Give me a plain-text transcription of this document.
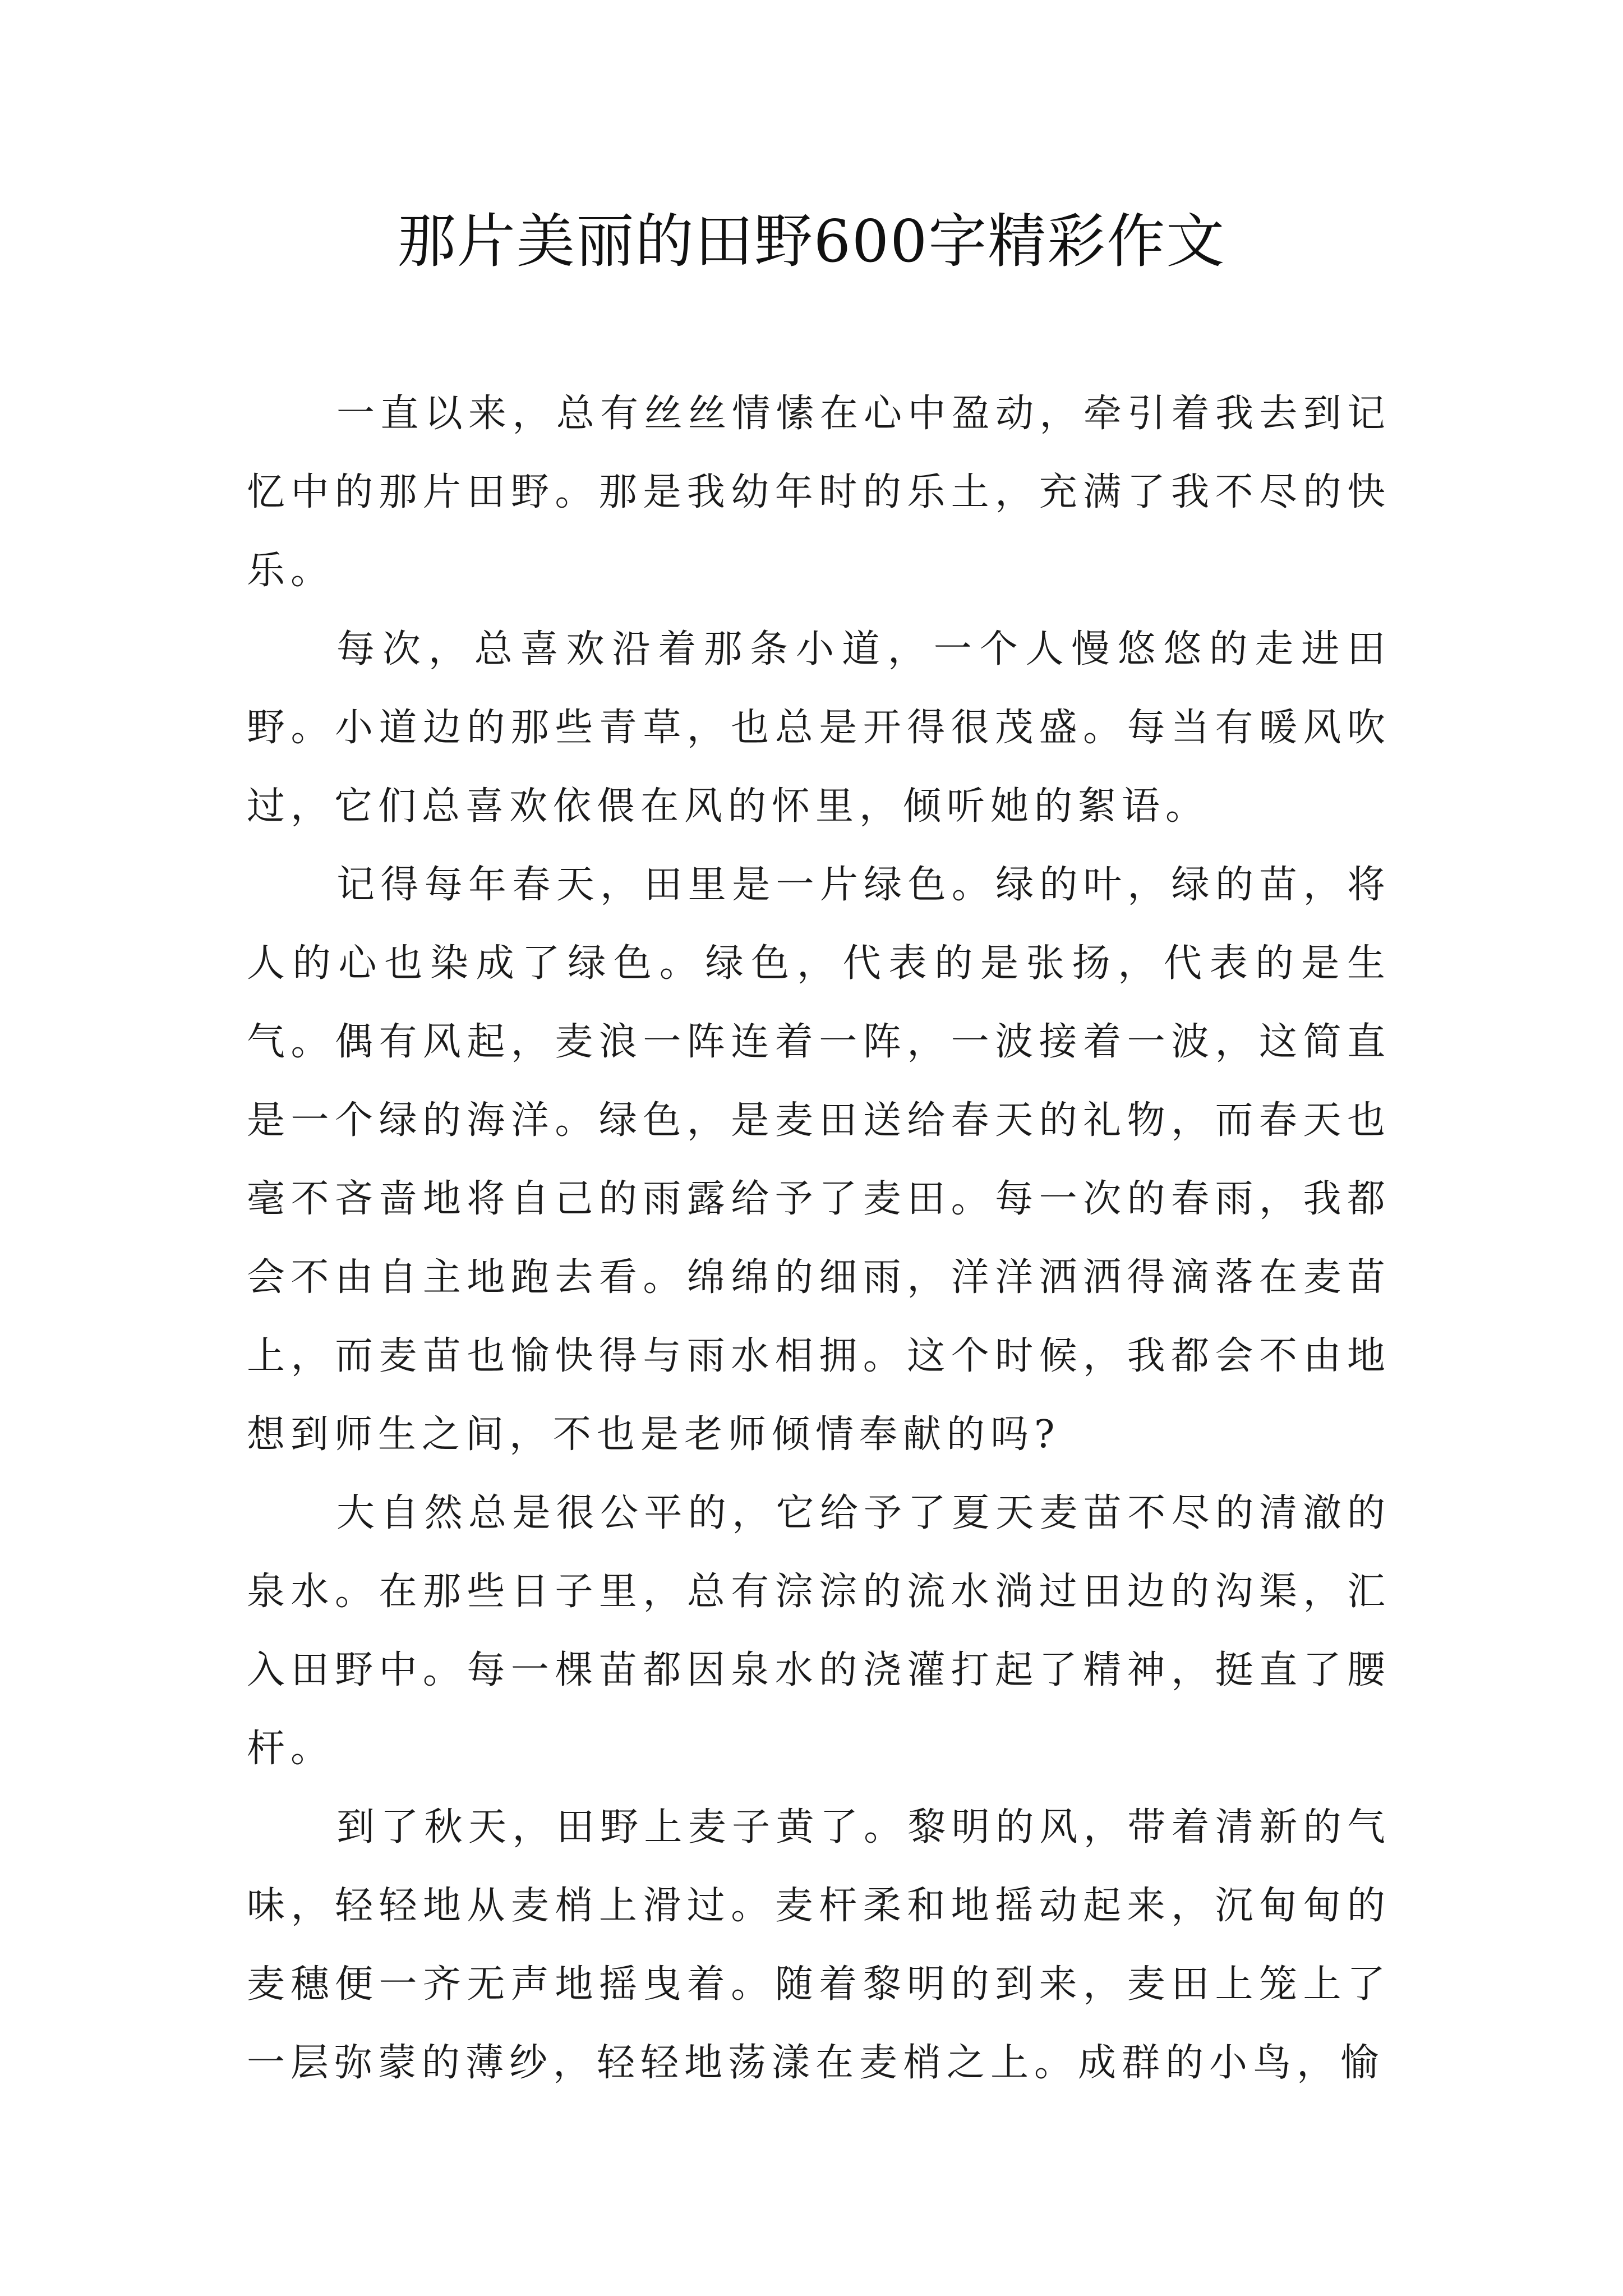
那片美丽的田野600字精彩作文

一直以来，总有丝丝情愫在心中盈动，牵引着我去到记忆中的那片田野。那是我幼年时的乐土，充满了我不尽的快乐。

每次，总喜欢沿着那条小道，一个人慢悠悠的走进田野。小道边的那些青草，也总是开得很茂盛。每当有暖风吹过，它们总喜欢依偎在风的怀里，倾听她的絮语。

记得每年春天，田里是一片绿色。绿的叶，绿的苗，将人的心也染成了绿色。绿色，代表的是张扬，代表的是生气。偶有风起，麦浪一阵连着一阵，一波接着一波，这简直是一个绿的海洋。绿色，是麦田送给春天的礼物，而春天也毫不吝啬地将自己的雨露给予了麦田。每一次的春雨，我都会不由自主地跑去看。绵绵的细雨，洋洋洒洒得滴落在麦苗上，而麦苗也愉快得与雨水相拥。这个时候，我都会不由地想到师生之间，不也是老师倾情奉献的吗?

大自然总是很公平的，它给予了夏天麦苗不尽的清澈的泉水。在那些日子里，总有淙淙的流水淌过田边的沟渠，汇入田野中。每一棵苗都因泉水的浇灌打起了精神，挺直了腰杆。

到了秋天，田野上麦子黄了。黎明的风，带着清新的气味，轻轻地从麦梢上滑过。麦杆柔和地摇动起来，沉甸甸的麦穗便一齐无声地摇曳着。随着黎明的到来，麦田上笼上了一层弥蒙的薄纱，轻轻地荡漾在麦梢之上。成群的小鸟，愉
